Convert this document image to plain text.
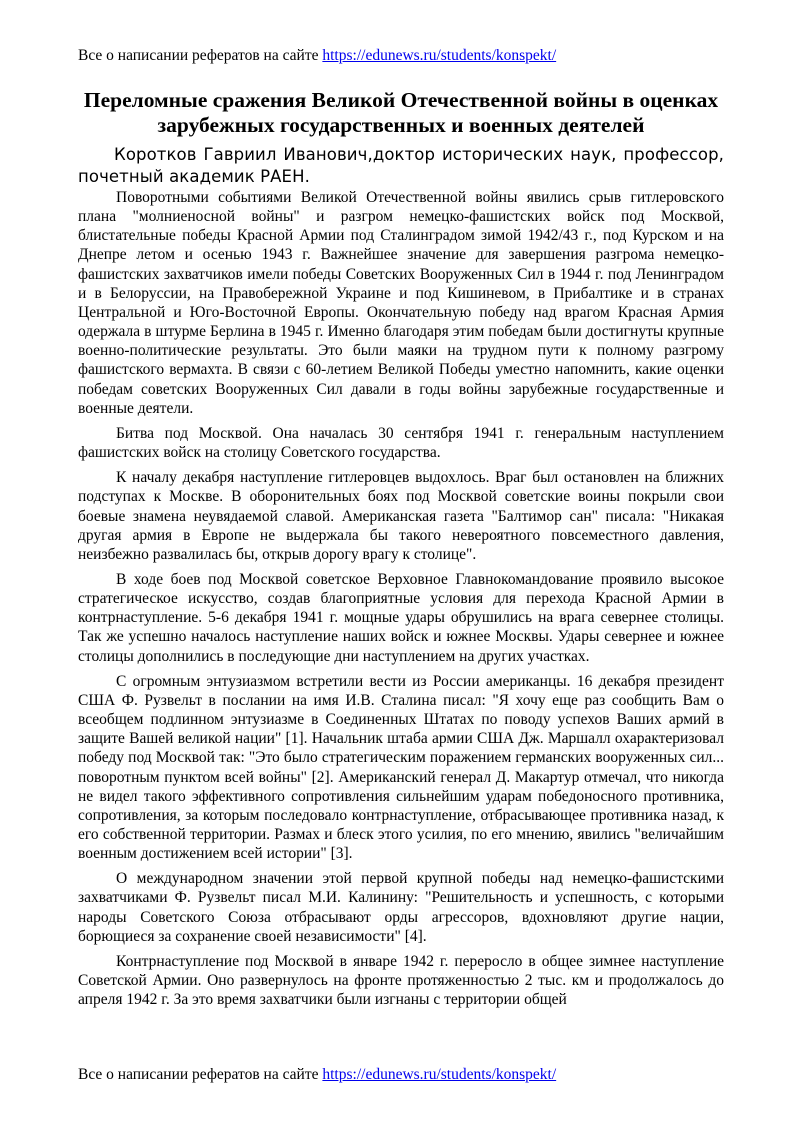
Все о написании рефератов на сайте https://edunews.ru/students/konspekt/
Переломные сражения Великой Отечественной войны в оценках зарубежных государственных и военных деятелей

Коротков Гавриил Иванович,доктор исторических наук, профессор, почетный академик РАЕН.

Поворотными событиями Великой Отечественной войны явились срыв гитлеровского плана "молниеносной войны" и разгром немецко-фашистских войск под Москвой, блистательные победы Красной Армии под Сталинградом зимой 1942/43 г., под Курском и на Днепре летом и осенью 1943 г. Важнейшее значение для завершения разгрома немецко-фашистских захватчиков имели победы Советских Вооруженных Сил в 1944 г. под Ленинградом и в Белоруссии, на Правобережной Украине и под Кишиневом, в Прибалтике и в странах Центральной и Юго-Восточной Европы. Окончательную победу над врагом Красная Армия одержала в штурме Берлина в 1945 г. Именно благодаря этим победам были достигнуты крупные военно-политические результаты. Это были маяки на трудном пути к полному разгрому фашистского вермахта. В связи с 60-летием Великой Победы уместно напомнить, какие оценки победам советских Вооруженных Сил давали в годы войны зарубежные государственные и военные деятели.

Битва под Москвой. Она началась 30 сентября 1941 г. генеральным наступлением фашистских войск на столицу Советского государства.

К началу декабря наступление гитлеровцев выдохлось. Враг был остановлен на ближних подступах к Москве. В оборонительных боях под Москвой советские воины покрыли свои боевые знамена неувядаемой славой. Американская газета "Балтимор сан" писала: "Никакая другая армия в Европе не выдержала бы такого невероятного повсеместного давления, неизбежно развалилась бы, открыв дорогу врагу к столице".

В ходе боев под Москвой советское Верховное Главнокомандование проявило высокое стратегическое искусство, создав благоприятные условия для перехода Красной Армии в контрнаступление. 5-6 декабря 1941 г. мощные удары обрушились на врага севернее столицы. Так же успешно началось наступление наших войск и южнее Москвы. Удары севернее и южнее столицы дополнились в последующие дни наступлением на других участках.

С огромным энтузиазмом встретили вести из России американцы. 16 декабря президент США Ф. Рузвельт в послании на имя И.В. Сталина писал: "Я хочу еще раз сообщить Вам о всеобщем подлинном энтузиазме в Соединенных Штатах по поводу успехов Ваших армий в защите Вашей великой нации" [1]. Начальник штаба армии США Дж. Маршалл охарактеризовал победу под Москвой так: "Это было стратегическим поражением германских вооруженных сил... поворотным пунктом всей войны" [2]. Американский генерал Д. Макартур отмечал, что никогда не видел такого эффективного сопротивления сильнейшим ударам победоносного противника, сопротивления, за которым последовало контрнаступление, отбрасывающее противника назад, к его собственной территории. Размах и блеск этого усилия, по его мнению, явились "величайшим военным достижением всей истории" [3].

О международном значении этой первой крупной победы над немецко-фашистскими захватчиками Ф. Рузвельт писал М.И. Калинину: "Решительность и успешность, с которыми народы Советского Союза отбрасывают орды агрессоров, вдохновляют другие нации, борющиеся за сохранение своей независимости" [4].

Контрнаступление под Москвой в январе 1942 г. переросло в общее зимнее наступление Советской Армии. Оно развернулось на фронте протяженностью 2 тыс. км и продолжалось до апреля 1942 г. За это время захватчики были изгнаны с территории общей

Все о написании рефератов на сайте https://edunews.ru/students/konspekt/
